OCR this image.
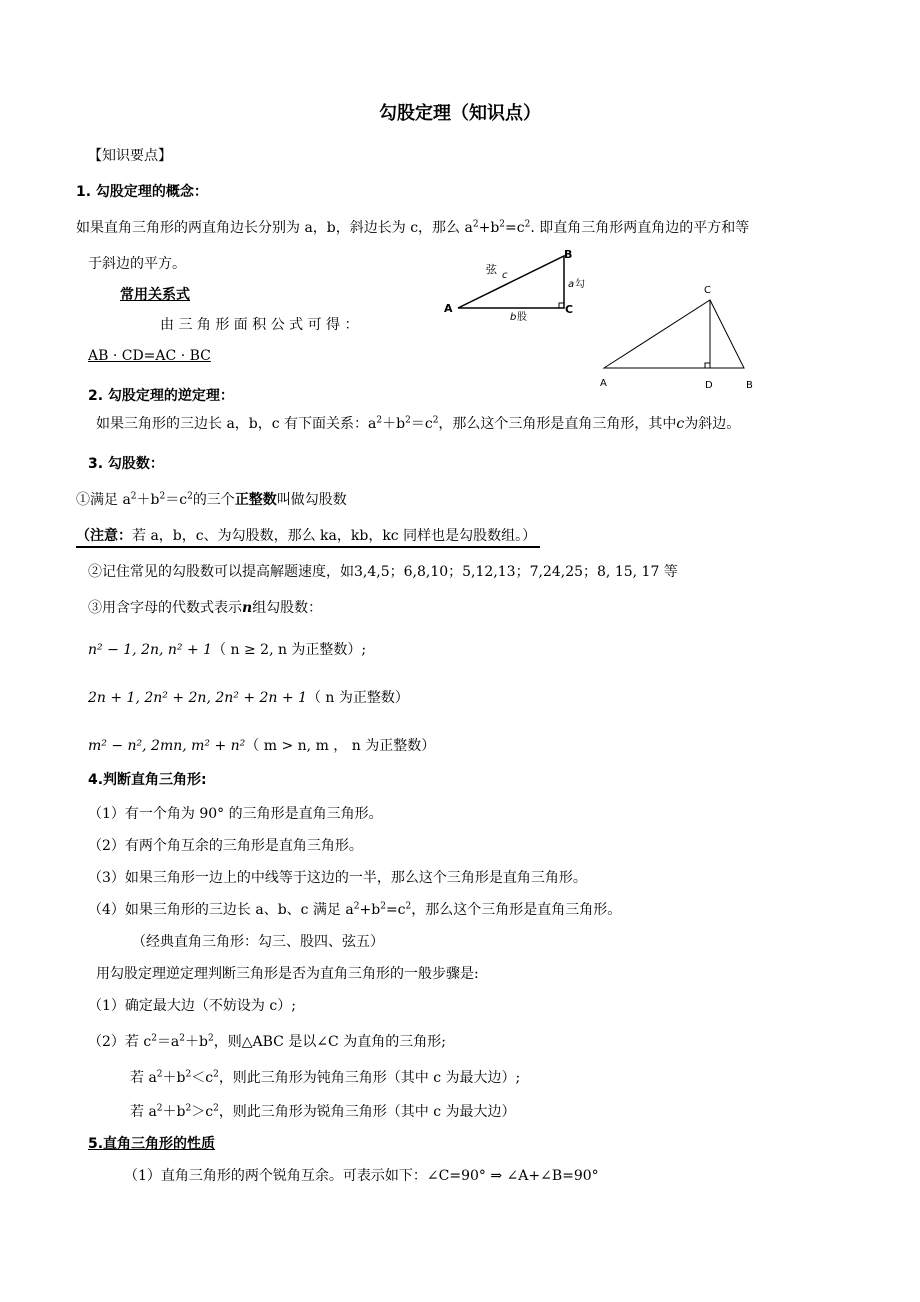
勾股定理（知识点）
【知识要点】
1. 勾股定理的概念：
如果直角三角形的两直角边长分别为 a，b，斜边长为 c，那么 $a^2+b^2=c^2$. 即直角三角形两直角边的平方和等
于斜边的平方。
常用关系式
由 三 角 形 面 积 公 式 可 得 ：
AB · CD=AC · BC
B
A	C
弦 c
a 勾
b 股
C
A	D	B
2. 勾股定理的逆定理：
如果三角形的三边长 a，b，c 有下面关系：$a^2+b^2=c^2$，那么这个三角形是直角三角形，其中c为斜边。
3. 勾股数：
①满足 $a^2+b^2=c^2$的三个正整数叫做勾股数
（注意：若 a，b，c、为勾股数，那么 ka，kb，kc 同样也是勾股数组。）
②记住常见的勾股数可以提高解题速度，如3,4,5；6,8,10；5,12,13；7,24,25；8, 15, 17 等
③用含字母的代数式表示n组勾股数：
n² − 1, 2n, n² + 1（ n ≥ 2, n 为正整数）;
2n + 1, 2n² + 2n, 2n² + 2n + 1（ n 为正整数）
m² − n², 2mn, m² + n²（ m > n, m ， n 为正整数）
4.判断直角三角形:
（1）有一个角为 90° 的三角形是直角三角形。
（2）有两个角互余的三角形是直角三角形。
（3）如果三角形一边上的中线等于这边的一半，那么这个三角形是直角三角形。
（4）如果三角形的三边长 a、b、c 满足 $a^2+b^2=c^2$，那么这个三角形是直角三角形。
（经典直角三角形：勾三、股四、弦五）
用勾股定理逆定理判断三角形是否为直角三角形的一般步骤是:
（1）确定最大边（不妨设为 c）;
（2）若 $c^2=a^2+b^2$，则△ABC 是以∠C 为直角的三角形;
若 $a^2+b^2<c^2$，则此三角形为钝角三角形（其中 c 为最大边）;
若 $a^2+b^2>c^2$，则此三角形为锐角三角形（其中 c 为最大边）
5.直角三角形的性质
（1）直角三角形的两个锐角互余。可表示如下：∠C=90° ⇒ ∠A+∠B=90°
